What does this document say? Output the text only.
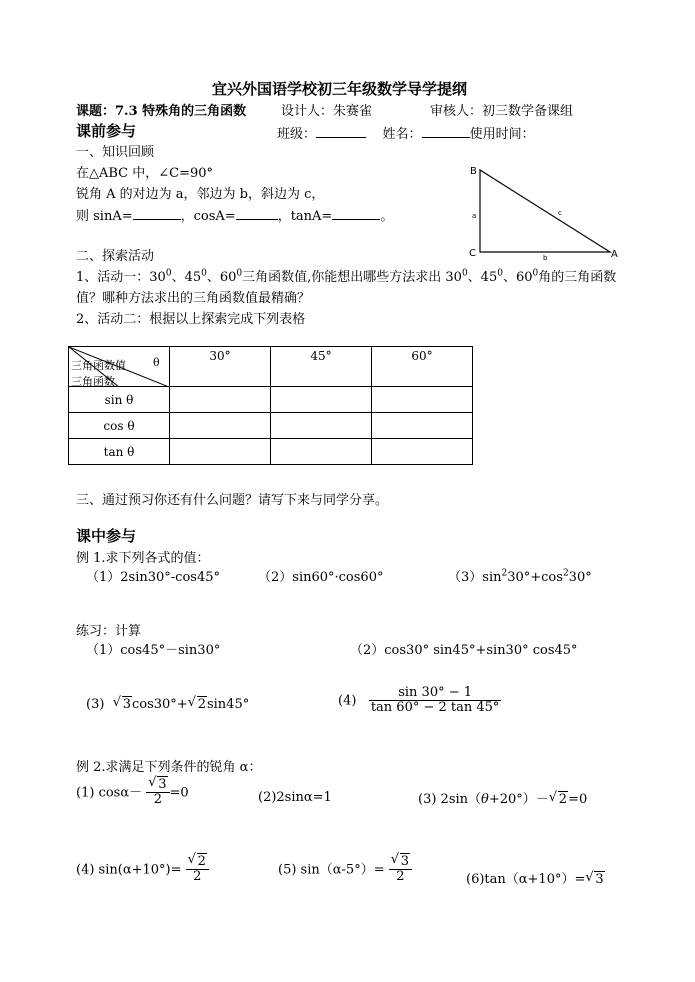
宜兴外国语学校初三年级数学导学提纲
课题：7.3 特殊角的三角函数	设计人：朱赛雀	审核人：初三数学备课组
课前参与	班级：	姓名：	使用时间：
一、知识回顾
在△ABC 中，∠C=90°
锐角 A 的对边为 a，邻边为 b，斜边为 c，
则 sinA=	，cosA=	，tanA=	。
B
C	A
a	c
b
二、探索活动
1、活动一：$30^0$、$45^0$、$60^0$三角函数值,你能想出哪些方法求出 $30^0$、$45^0$、$60^0$角的三角函数
值？哪种方法求出的三角函数值最精确？
2、活动二：根据以上探索完成下列表格
三角函数值 θ
三角函数	30°	45°	60°
sin θ			
cos θ			
tan θ			
三、通过预习你还有什么问题？请写下来与同学分享。
课中参与
例 1.求下列各式的值：
（1）2sin30°-cos45°	（2）sin60°·cos60°	$(3)\sin^230^\circ+\cos^230^\circ$
练习：计算
（1）cos45°－sin30°	（2）cos30° sin45°+sin30° cos45°
(3) √ 3cos30°+ √ 2sin45°	$(4) \frac{\sin 30^\circ - 1}{\tan 60^\circ - 2 \tan 45^\circ}$
例 2.求满足下列条件的锐角 α：
(1) cosα－ √ $\frac{3}{2} =0$	(2)2sinα=1	(3) 2sin（θ+20°）－ √ 2=0
(4) sin(α+10°)= √ $\frac{2}{2}$	(5) sin（α-5°）= √ $\frac{3}{2}$	(6)tan（α+10°）= √ 3
